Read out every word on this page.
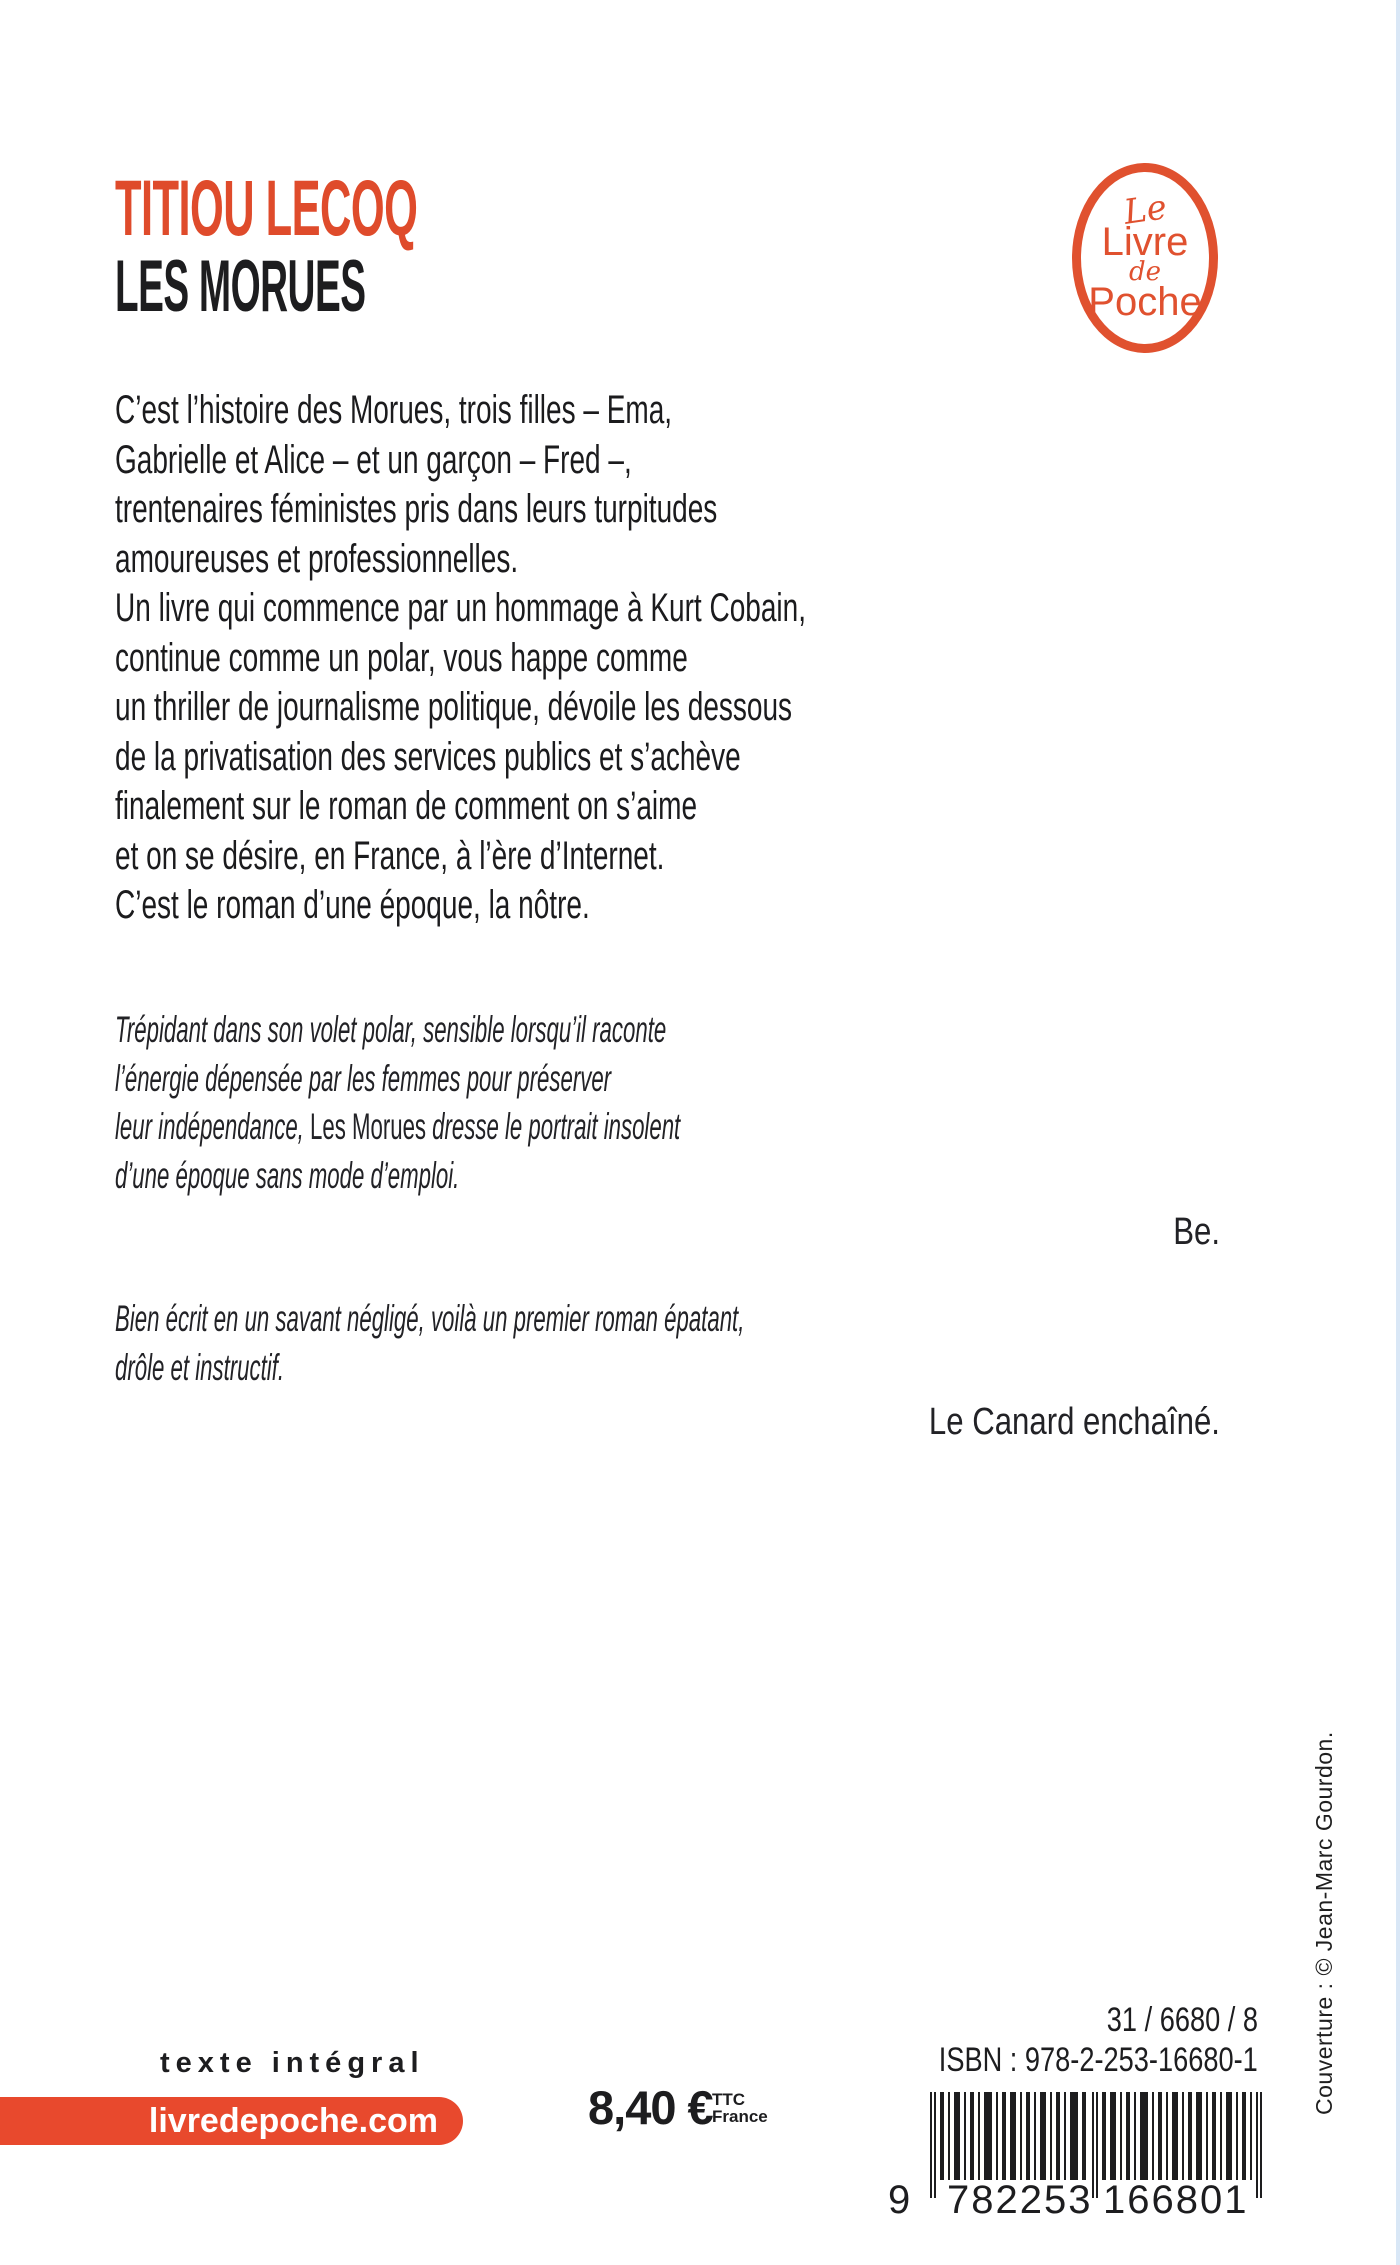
TITIOU LECOQ
LES MORUES
Le
Livre
de
Poche
C’est l’histoire des Morues, trois filles – Ema,
Gabrielle et Alice – et un garçon – Fred –,
trentenaires féministes pris dans leurs turpitudes
amoureuses et professionnelles.
Un livre qui commence par un hommage à Kurt Cobain,
continue comme un polar, vous happe comme
un thriller de journalisme politique, dévoile les dessous
de la privatisation des services publics et s’achève
finalement sur le roman de comment on s’aime
et on se désire, en France, à l’ère d’Internet.
C’est le roman d’une époque, la nôtre.
Trépidant dans son volet polar, sensible lorsqu’il raconte
l’énergie dépensée par les femmes pour préserver
leur indépendance, Les Morues dresse le portrait insolent
d’une époque sans mode d’emploi.
Be.
Bien écrit en un savant négligé, voilà un premier roman épatant,
drôle et instructif.
Le Canard enchaîné.
31 / 6680 / 8
ISBN : 978-2-253-16680-1
texte intégral
livredepoche.com	8,40 € TTC
France
9 782253 166801
Couverture : © Jean-Marc Gourdon.
